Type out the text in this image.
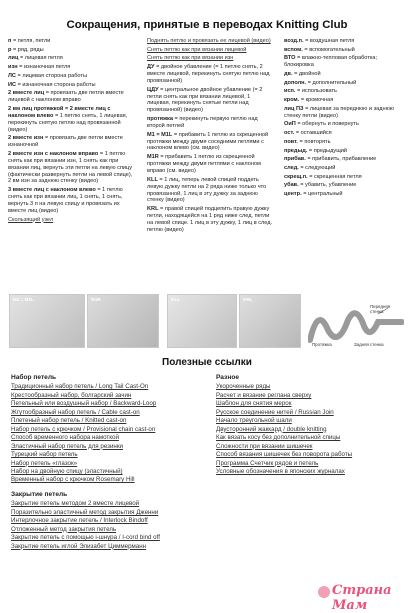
Сокращения, принятые в переводах Knitting Club
п = петля, петли
р = ряд, ряды
лиц = лицевая петля
изн = изнаночная петля
ЛС = лицевая сторона работы
ИС = изнаночная сторона работы
2 вместе лиц = провязать две петли вместе лицевой с наклоном вправо
2 вм лиц протяжкой = 2 вместе лиц с наклоном влево = 1 петлю снять, 1 лицевая, перекинуть снятую петлю над провязанной (видео)
2 вместе изн = провязать две петли вместе изнаночной
2 вместе изн с наклоном вправо = 1 петлю снять как при вязании изн, 1 снять как при вязании лиц, вернуть эти петли на левую спицу (фактически развернуть петли на левой спице), 2 вм изн за заднюю стенку (видео)
3 вместе лиц с наклоном влево = 1 петлю снять как при вязании лиц, 1 снять, 1 снять, вернуть 3 п на левую спицу и провязать их вместе лиц (видео)
Скользящий узел
Поднять петлю и провязать ее лицевой (видео)
Снять петлю как при вязании лицевой
Снять петлю как при вязании изн
ДУ = двойное убавление (= 1 петлю снять, 2 вместе лицевой, перекинуть снятую петлю над провязанной)
ЦДУ = центральное двойное убавление (= 2 петли снять как при вязании лицевой, 1 лицевая, перекинуть снятые петли над провязанной) (видео)
протяжка = перекинуть первую петлю над второй петлей
М1 = M1L = прибавить 1 петлю из скрещенной протяжки между двумя соседними петлями с наклоном влево (см. видео)
M1R = прибавить 1 петлю из скрещенной протяжки между двумя петлями с наклоном вправо (см. видео)
KLL = 1 лиц, теперь левой спицей поддеть левую дужку петли на 2 ряда ниже только что провязанной, 1 лиц в эту дужку за заднюю стенку (видео)
KRL = правой спицей подцепить правую дужку петли, находящейся на 1 ряд ниже след. петли на левой спице. 1 лиц в эту дужку, 1 лиц в след. петлю (видео)
возд.п. = воздушная петля
вспом. = вспомогательный
ВТО = влажно-тепловая обработка; блокировка
дв. = двойной
дополн. = дополнительный
исп. = использовать
кром. = кромочная
лиц ПЗ = лицевая за переднюю и заднюю стенку петли (видео)
ОиП = обернуть и повернуть
ост. = оставшийся
повт. = повторять
предыд. = предыдущий
прибав. = прибавить, прибавление
след. = следующий
скрещ.п. = скрещенная петля
убав. = убавить, убавление
центр. = центральный
M1 = M1L	M1R	KLL	KRL
Передняя стенка
Протяжка	Задняя стенка
Полезные ссылки
Набор петель
Традиционный набор петель / Long Tail Cast-On
Крестообразный набор, болгарский зачин
Петельный или воздушный набор / Backward-Loop
Жгутообразный набор петель / Cable cast-on
Плетеный набор петель / Knitted cast-on
Набор петель с крючком / Provisional chain cast-on
Способ временного набора намоткой
Эластичный набор петель для резинки
Турецкий набор петель
Набор петель «глазок»
Набор на двойную спицу (эластичный)
Временный набор с крючком Rosemary Hill
Закрытие петель
Закрытие петель методом 2 вместе лицевой
Поразительно эластичный метод закрытия Дженни
Интерлочное закрытие петель / Interlock Bindoff
Отложенный метод закрытия петель
Закрытие петель с помощью i-шнура / I-cord bind off
Закрытие петель иглой Элизабет Циммерманн
Разное
Укороченные ряды
Расчет и вязание реглана сверху
Шаблон для снятия мерок
Русское соединение нитей / Russian Join
Начало треугольной шали
Двусторонний жаккард / double knitting
Как вязать косу без дополнительной спицы
Сложности при вязании шишечек
Способ вязания шишечек без поворота работы
Программа Счетчик рядов и петель
Условные обозначения в японских журналах
Страна Мам
